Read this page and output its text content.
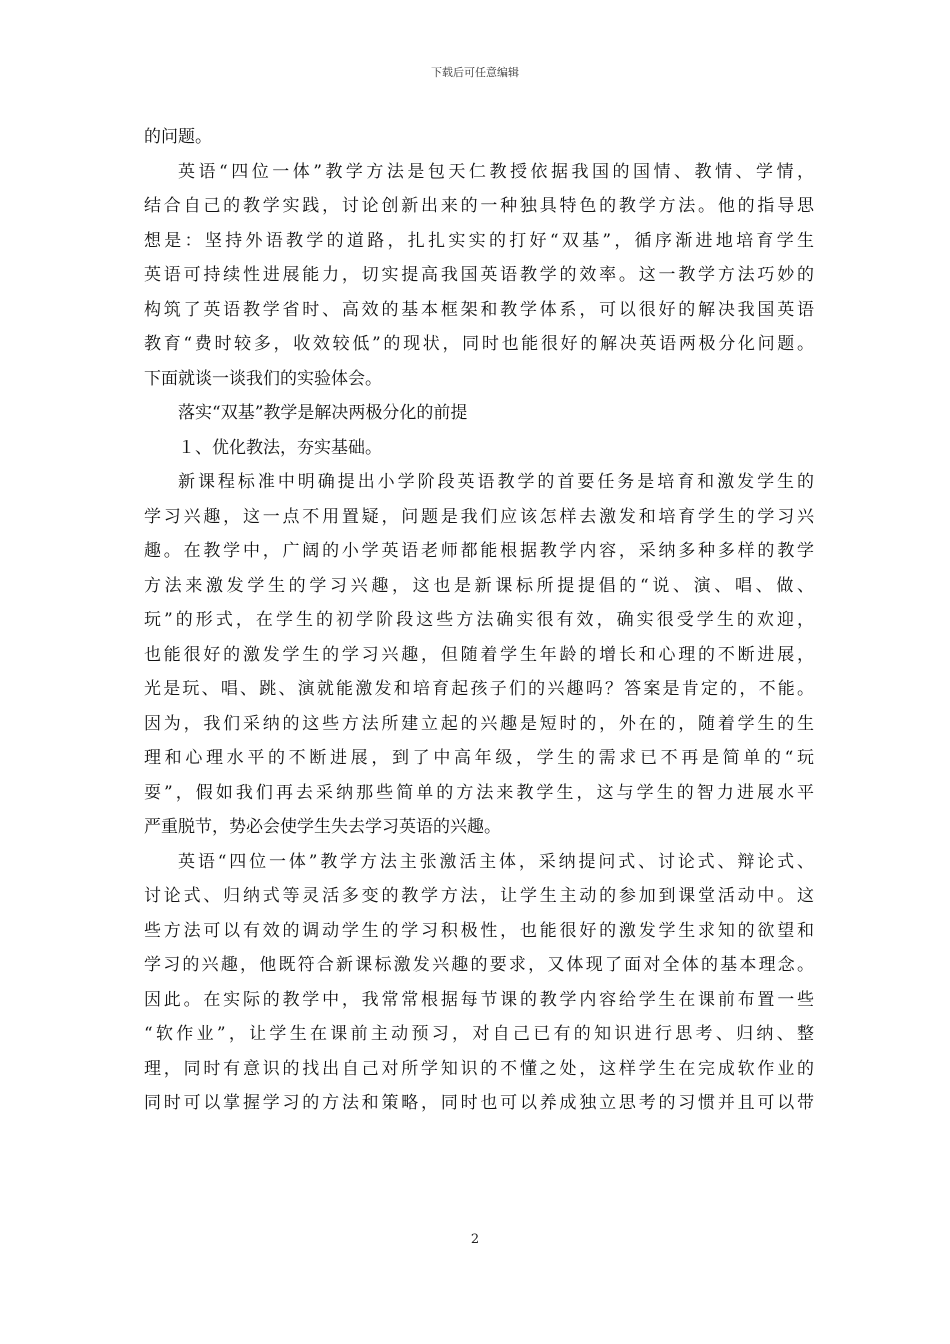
下载后可任意编辑
的问题。
英语“四位一体”教学方法是包天仁教授依据我国的国情、教情、学情，
结合自己的教学实践，讨论创新出来的一种独具特色的教学方法。他的指导思
想是：坚持外语教学的道路，扎扎实实的打好“双基”，循序渐进地培育学生
英语可持续性进展能力，切实提高我国英语教学的效率。这一教学方法巧妙的
构筑了英语教学省时、高效的基本框架和教学体系，可以很好的解决我国英语
教育“费时较多，收效较低”的现状，同时也能很好的解决英语两极分化问题。
下面就谈一谈我们的实验体会。
落实“双基”教学是解决两极分化的前提
１、优化教法，夯实基础。
新课程标准中明确提出小学阶段英语教学的首要任务是培育和激发学生的
学习兴趣，这一点不用置疑，问题是我们应该怎样去激发和培育学生的学习兴
趣。在教学中，广阔的小学英语老师都能根据教学内容，采纳多种多样的教学
方法来激发学生的学习兴趣，这也是新课标所提提倡的“说、演、唱、做、
玩”的形式，在学生的初学阶段这些方法确实很有效，确实很受学生的欢迎，
也能很好的激发学生的学习兴趣，但随着学生年龄的增长和心理的不断进展，
光是玩、唱、跳、演就能激发和培育起孩子们的兴趣吗？答案是肯定的，不能。
因为，我们采纳的这些方法所建立起的兴趣是短时的，外在的，随着学生的生
理和心理水平的不断进展，到了中高年级，学生的需求已不再是简单的“玩
耍”，假如我们再去采纳那些简单的方法来教学生，这与学生的智力进展水平
严重脱节，势必会使学生失去学习英语的兴趣。
英语“四位一体”教学方法主张激活主体，采纳提问式、讨论式、辩论式、
讨论式、归纳式等灵活多变的教学方法，让学生主动的参加到课堂活动中。这
些方法可以有效的调动学生的学习积极性，也能很好的激发学生求知的欲望和
学习的兴趣，他既符合新课标激发兴趣的要求，又体现了面对全体的基本理念。
因此。在实际的教学中，我常常根据每节课的教学内容给学生在课前布置一些
“软作业”，让学生在课前主动预习，对自己已有的知识进行思考、归纳、整
理，同时有意识的找出自己对所学知识的不懂之处，这样学生在完成软作业的
同时可以掌握学习的方法和策略，同时也可以养成独立思考的习惯并且可以带
2
